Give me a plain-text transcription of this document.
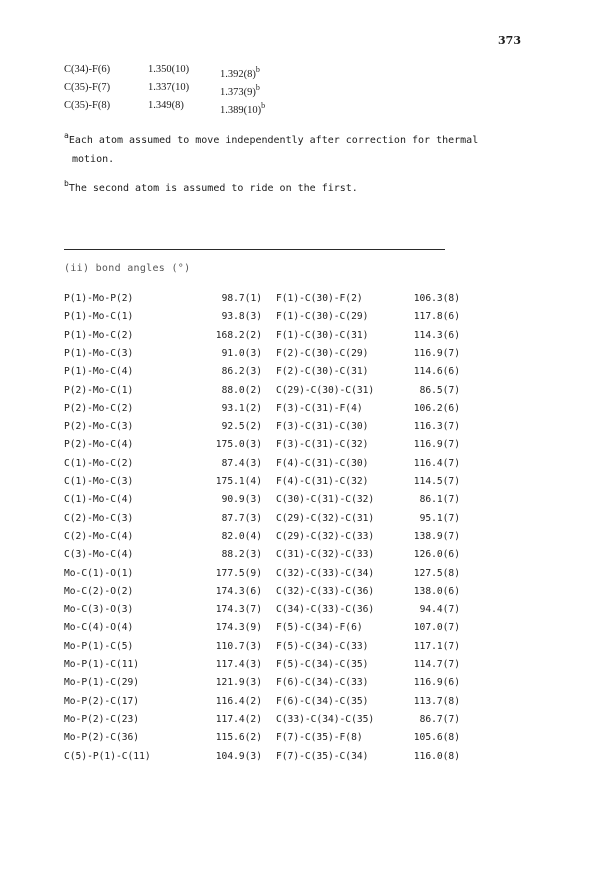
373
C(34)-F(6)	1.350(10)	$1.392(8)^b$
C(35)-F(7)	1.337(10)	$1.373(9)^b$
C(35)-F(8)	1.349(8)	$1.389(10)^b$
$^a$Each atom assumed to move independently after correction for thermal
motion.
$^b$The second atom is assumed to ride on the first.
(ii) bond angles (°)
P(1)-Mo-P(2)	98.7(1) F(1)-C(30)-F(2)	106.3(8)
P(1)-Mo-C(1)	93.8(3) F(1)-C(30)-C(29)	117.8(6)
P(1)-Mo-C(2)	168.2(2) F(1)-C(30)-C(31)	114.3(6)
P(1)-Mo-C(3)	91.0(3) F(2)-C(30)-C(29)	116.9(7)
P(1)-Mo-C(4)	86.2(3) F(2)-C(30)-C(31)	114.6(6)
P(2)-Mo-C(1)	88.0(2) C(29)-C(30)-C(31)	86.5(7)
P(2)-Mo-C(2)	93.1(2) F(3)-C(31)-F(4)	106.2(6)
P(2)-Mo-C(3)	92.5(2) F(3)-C(31)-C(30)	116.3(7)
P(2)-Mo-C(4)	175.0(3) F(3)-C(31)-C(32)	116.9(7)
C(1)-Mo-C(2)	87.4(3) F(4)-C(31)-C(30)	116.4(7)
C(1)-Mo-C(3)	175.1(4) F(4)-C(31)-C(32)	114.5(7)
C(1)-Mo-C(4)	90.9(3) C(30)-C(31)-C(32)	86.1(7)
C(2)-Mo-C(3)	87.7(3) C(29)-C(32)-C(31)	95.1(7)
C(2)-Mo-C(4)	82.0(4) C(29)-C(32)-C(33)	138.9(7)
C(3)-Mo-C(4)	88.2(3) C(31)-C(32)-C(33)	126.0(6)
Mo-C(1)-O(1)	177.5(9) C(32)-C(33)-C(34)	127.5(8)
Mo-C(2)-O(2)	174.3(6) C(32)-C(33)-C(36)	138.0(6)
Mo-C(3)-O(3)	174.3(7) C(34)-C(33)-C(36)	94.4(7)
Mo-C(4)-O(4)	174.3(9) F(5)-C(34)-F(6)	107.0(7)
Mo-P(1)-C(5)	110.7(3) F(5)-C(34)-C(33)	117.1(7)
Mo-P(1)-C(11)	117.4(3) F(5)-C(34)-C(35)	114.7(7)
Mo-P(1)-C(29)	121.9(3) F(6)-C(34)-C(33)	116.9(6)
Mo-P(2)-C(17)	116.4(2) F(6)-C(34)-C(35)	113.7(8)
Mo-P(2)-C(23)	117.4(2) C(33)-C(34)-C(35)	86.7(7)
Mo-P(2)-C(36)	115.6(2) F(7)-C(35)-F(8)	105.6(8)
C(5)-P(1)-C(11)	104.9(3) F(7)-C(35)-C(34)	116.0(8)
